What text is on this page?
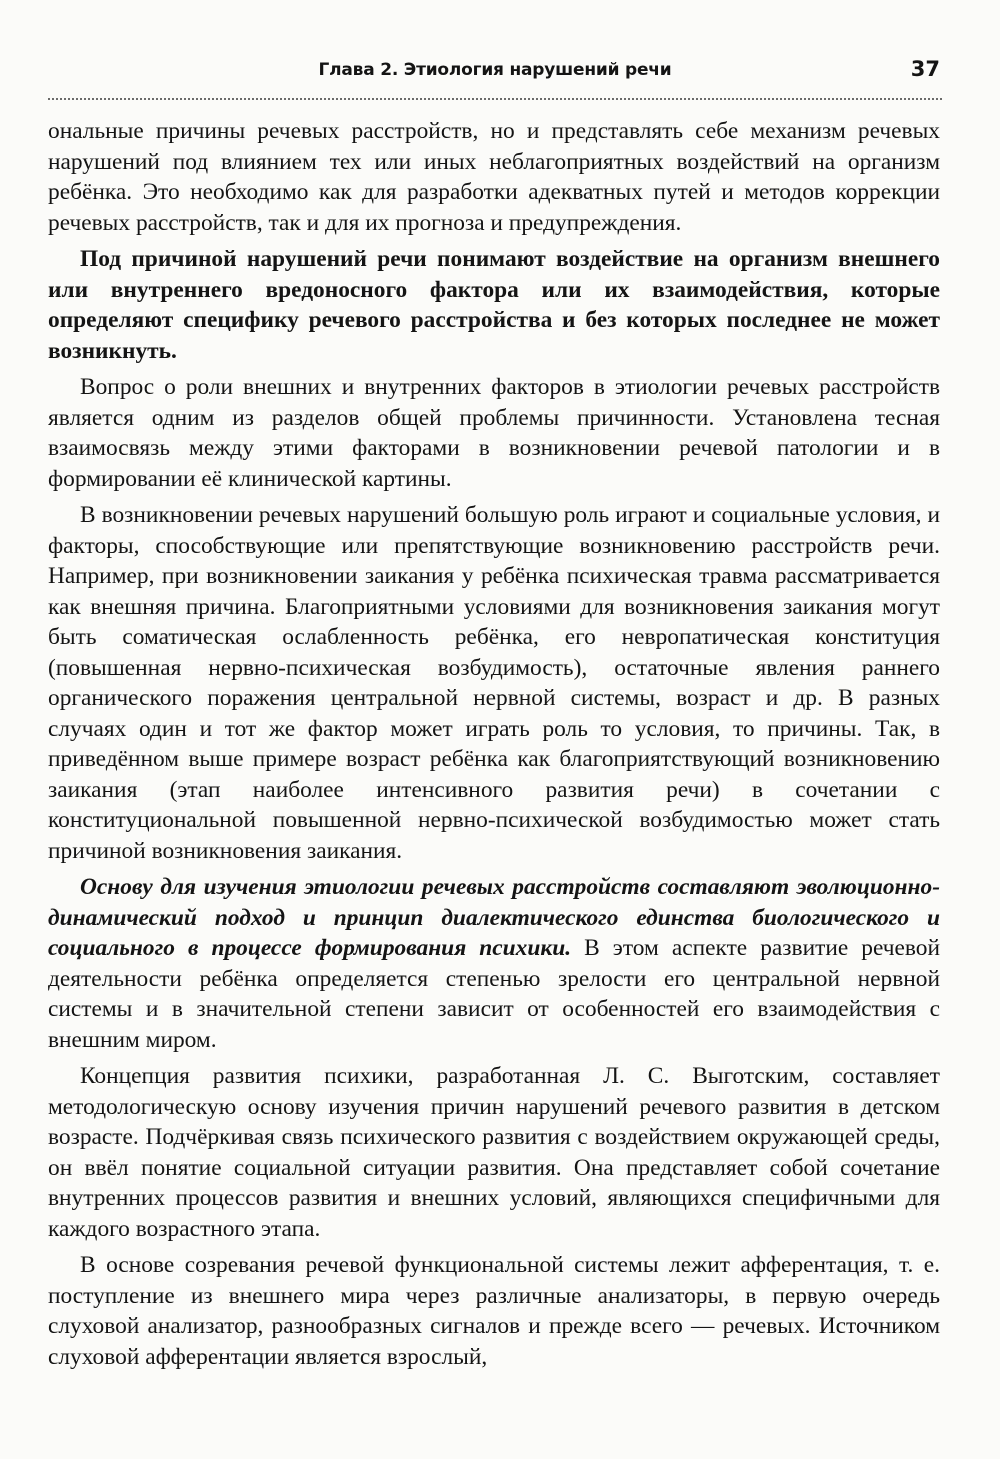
Глава 2. Этиология нарушений речи	37

ональные причины речевых расстройств, но и представлять себе механизм речевых нарушений под влиянием тех или иных неблагоприятных воздействий на организм ребёнка. Это необходимо как для разработки адекватных путей и методов коррекции речевых расстройств, так и для их прогноза и предупреждения.

Под причиной нарушений речи понимают воздействие на организм внешнего или внутреннего вредоносного фактора или их взаимодействия, которые определяют специфику речевого расстройства и без которых последнее не может возникнуть.

Вопрос о роли внешних и внутренних факторов в этиологии речевых расстройств является одним из разделов общей проблемы причинности. Установлена тесная взаимосвязь между этими факторами в возникновении речевой патологии и в формировании её клинической картины.

В возникновении речевых нарушений большую роль играют и социальные условия, и факторы, способствующие или препятствующие возникновению расстройств речи. Например, при возникновении заикания у ребёнка психическая травма рассматривается как внешняя причина. Благоприятными условиями для возникновения заикания могут быть соматическая ослабленность ребёнка, его невропатическая конституция (повышенная нервно-психическая возбудимость), остаточные явления раннего органического поражения центральной нервной системы, возраст и др. В разных случаях один и тот же фактор может играть роль то условия, то причины. Так, в приведённом выше примере возраст ребёнка как благоприятствующий возникновению заикания (этап наиболее интенсивного развития речи) в сочетании с конституциональной повышенной нервно-психической возбудимостью может стать причиной возникновения заикания.

Основу для изучения этиологии речевых расстройств составляют эволюционно-динамический подход и принцип диалектического единства биологического и социального в процессе формирования психики. В этом аспекте развитие речевой деятельности ребёнка определяется степенью зрелости его центральной нервной системы и в значительной степени зависит от особенностей его взаимодействия с внешним миром.

Концепция развития психики, разработанная Л. С. Выготским, составляет методологическую основу изучения причин нарушений речевого развития в детском возрасте. Подчёркивая связь психического развития с воздействием окружающей среды, он ввёл понятие социальной ситуации развития. Она представляет собой сочетание внутренних процессов развития и внешних условий, являющихся специфичными для каждого возрастного этапа.

В основе созревания речевой функциональной системы лежит афферентация, т. е. поступление из внешнего мира через различные анализаторы, в первую очередь слуховой анализатор, разнообразных сигналов и прежде всего — речевых. Источником слуховой афферентации является взрослый,
